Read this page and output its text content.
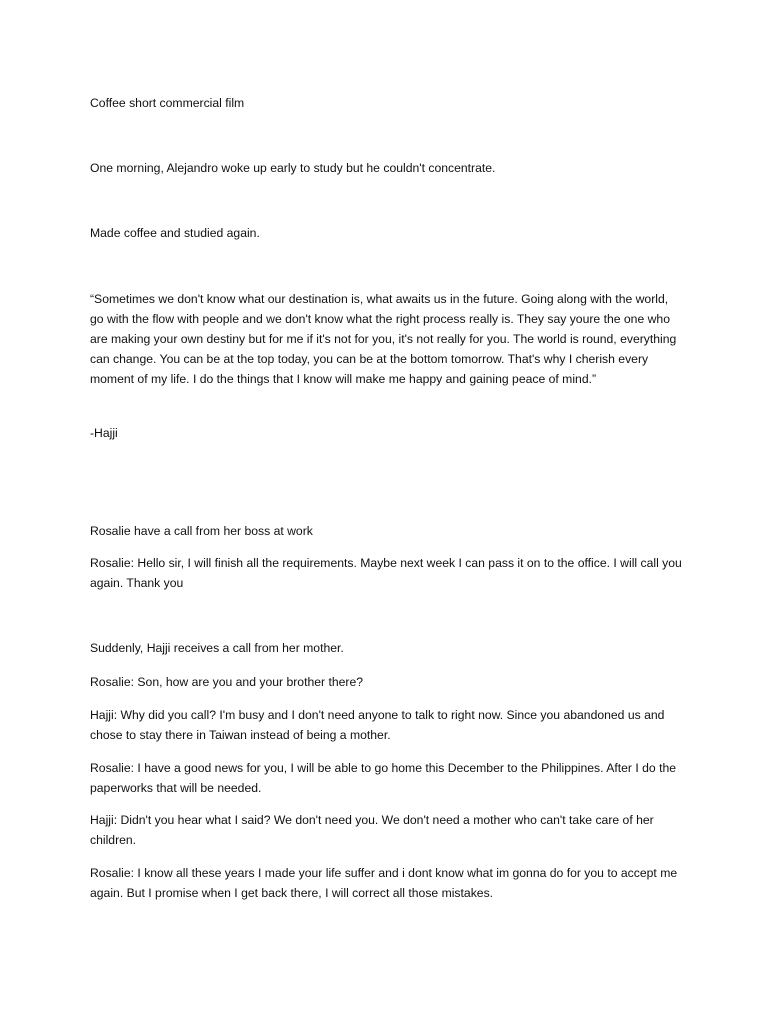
Coffee short commercial film

One morning, Alejandro woke up early to study but he couldn't concentrate.

Made coffee and studied again.

“Sometimes we don't know what our destination is, what awaits us in the future. Going along with the world, go with the flow with people and we don't know what the right process really is. They say youre the one who are making your own destiny but for me if it's not for you, it's not really for you. The world is round, everything can change. You can be at the top today, you can be at the bottom tomorrow. That's why I cherish every moment of my life. I do the things that I know will make me happy and gaining peace of mind.”

-Hajji

Rosalie have a call from her boss at work

Rosalie: Hello sir, I will finish all the requirements. Maybe next week I can pass it on to the office. I will call you again. Thank you

Suddenly, Hajji receives a call from her mother.

Rosalie: Son, how are you and your brother there?

Hajji: Why did you call? I'm busy and I don't need anyone to talk to right now. Since you abandoned us and chose to stay there in Taiwan instead of being a mother.

Rosalie: I have a good news for you, I will be able to go home this December to the Philippines. After I do the paperworks that will be needed.

Hajji: Didn't you hear what I said? We don't need you. We don't need a mother who can't take care of her children.

Rosalie: I know all these years I made your life suffer and i dont know what im gonna do for you to accept me again. But I promise when I get back there, I will correct all those mistakes.
